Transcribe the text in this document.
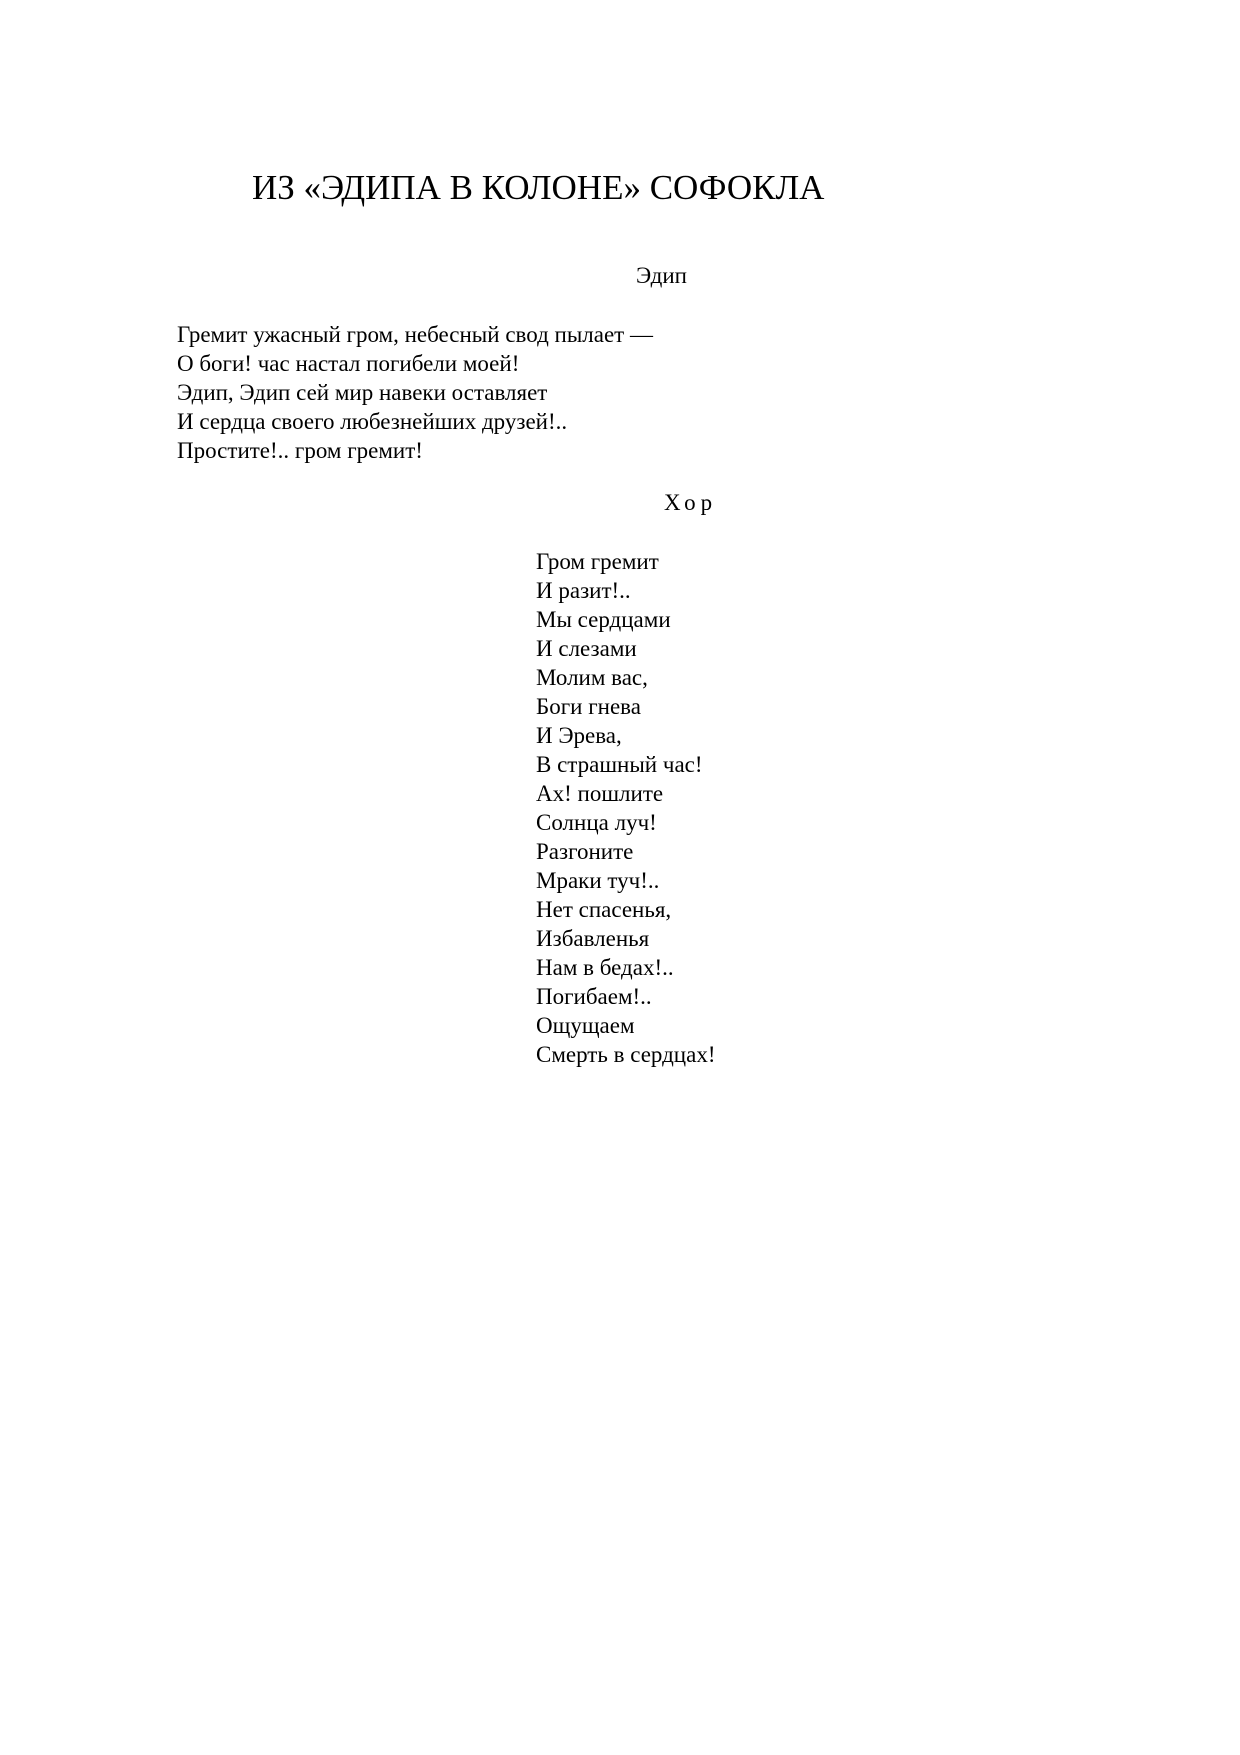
ИЗ «ЭДИПА В КОЛОНЕ» СОФОКЛА
Эдип
Гремит ужасный гром, небесный свод пылает —
О боги! час настал погибели моей!
Эдип, Эдип сей мир навеки оставляет
И сердца своего любезнейших друзей!..
Простите!.. гром гремит!
Хор
Гром гремит
И разит!..
Мы сердцами
И слезами
Молим вас,
Боги гнева
И Эрева,
В страшный час!
Ах! пошлите
Солнца луч!
Разгоните
Мраки туч!..
Нет спасенья,
Избавленья
Нам в бедах!..
Погибаем!..
Ощущаем
Смерть в сердцах!
